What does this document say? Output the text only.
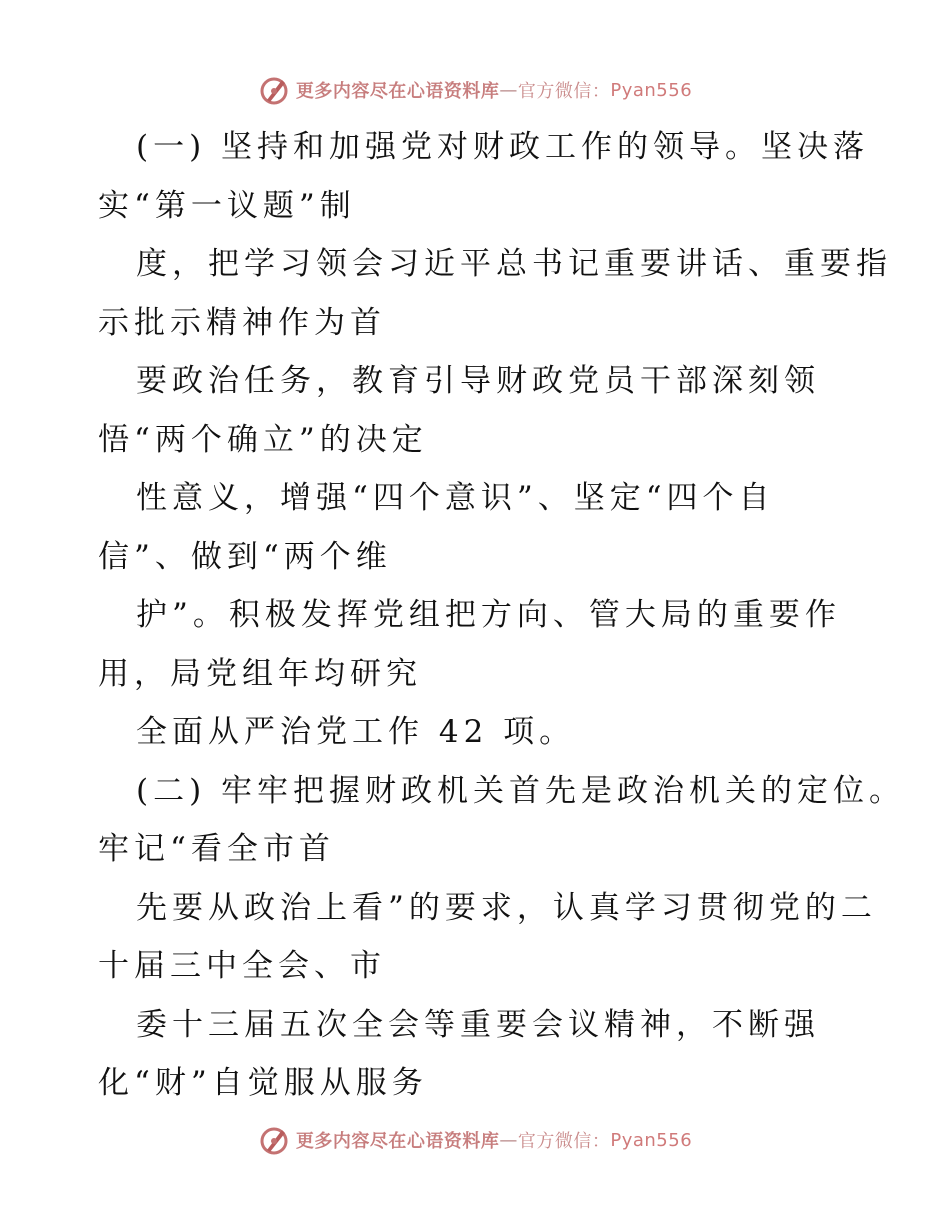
更多内容尽在心语资料库 — 官方微信： Pyan556
(一) 坚持和加强党对财政工作的领导。坚决落
实“第一议题”制
度，把学习领会习近平总书记重要讲话、重要指
示批示精神作为首
要政治任务，教育引导财政党员干部深刻领
悟“两个确立”的决定
性意义，增强“四个意识”、坚定“四个自
信”、做到“两个维
护”。积极发挥党组把方向、管大局的重要作
用，局党组年均研究
全面从严治党工作 42 项。
(二) 牢牢把握财政机关首先是政治机关的定位。
牢记“看全市首
先要从政治上看”的要求，认真学习贯彻党的二
十届三中全会、市
委十三届五次全会等重要会议精神，不断强
化“财”自觉服从服务
更多内容尽在心语资料库 — 官方微信： Pyan556
